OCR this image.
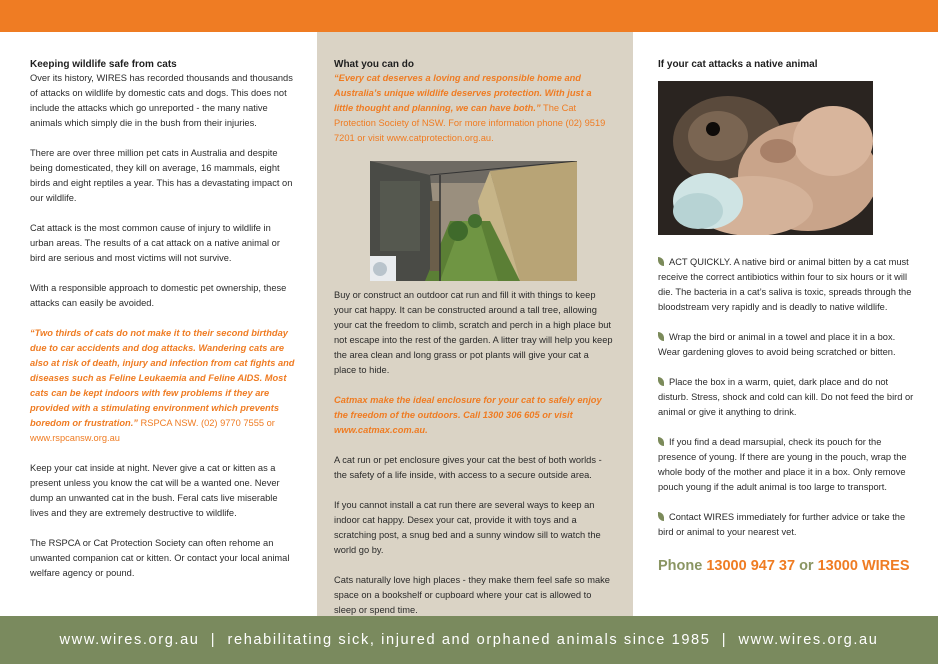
Keeping wildlife safe from cats

Over its history, WIRES has recorded thousands and thousands of attacks on wildlife by domestic cats and dogs. This does not include the attacks which go unreported - the many native animals which simply die in the bush from their injuries.

There are over three million pet cats in Australia and despite being domesticated, they kill on average, 16 mammals, eight birds and eight reptiles a year. This has a devastating impact on our wildlife.

Cat attack is the most common cause of injury to wildlife in urban areas. The results of a cat attack on a native animal or bird are serious and most victims will not survive.

With a responsible approach to domestic pet ownership, these attacks can easily be avoided.

“Two thirds of cats do not make it to their second birthday due to car accidents and dog attacks. Wandering cats are also at risk of death, injury and infection from cat fights and diseases such as Feline Leukaemia and Feline AIDS. Most cats can be kept indoors with few problems if they are provided with a stimulating environment which prevents boredom or frustration.” RSPCA NSW. (02) 9770 7555 or www.rspcansw.org.au

Keep your cat inside at night. Never give a cat or kitten as a present unless you know the cat will be a wanted one. Never dump an unwanted cat in the bush. Feral cats live miserable lives and they are extremely destructive to wildlife.

The RSPCA or Cat Protection Society can often rehome an unwanted companion cat or kitten. Or contact your local animal welfare agency or pound.

What you can do

“Every cat deserves a loving and responsible home and Australia’s unique wildlife deserves protection. With just a little thought and planning, we can have both.” The Cat Protection Society of NSW. For more information phone (02) 9519 7201 or visit www.catprotection.org.au.

Buy or construct an outdoor cat run and fill it with things to keep your cat happy. It can be constructed around a tall tree, allowing your cat the freedom to climb, scratch and perch in a high place but not escape into the rest of the garden. A litter tray will help you keep the area clean and long grass or pot plants will give your cat a place to hide.

Catmax make the ideal enclosure for your cat to safely enjoy the freedom of the outdoors. Call 1300 306 605 or visit www.catmax.com.au.

A cat run or pet enclosure gives your cat the best of both worlds - the safety of a life inside, with access to a secure outside area.

If you cannot install a cat run there are several ways to keep an indoor cat happy. Desex your cat, provide it with toys and a scratching post, a snug bed and a sunny window sill to watch the world go by.

Cats naturally love high places - they make them feel safe so make space on a bookshelf or cupboard where your cat is allowed to sleep or spend time.

If your cat attacks a native animal

ACT QUICKLY. A native bird or animal bitten by a cat must receive the correct antibiotics within four to six hours or it will die. The bacteria in a cat’s saliva is toxic, spreads through the bloodstream very rapidly and is deadly to native wildlife.

Wrap the bird or animal in a towel and place it in a box. Wear gardening gloves to avoid being scratched or bitten.

Place the box in a warm, quiet, dark place and do not disturb. Stress, shock and cold can kill. Do not feed the bird or animal or give it anything to drink.

If you find a dead marsupial, check its pouch for the presence of young. If there are young in the pouch, wrap the whole body of the mother and place it in a box. Only remove pouch young if the adult animal is too large to transport.

Contact WIRES immediately for further advice or take the bird or animal to your nearest vet.

Phone 13000 947 37 or 13000 WIRES
www.wires.org.au  |  rehabilitating sick, injured and orphaned animals since 1985  |  www.wires.org.au
